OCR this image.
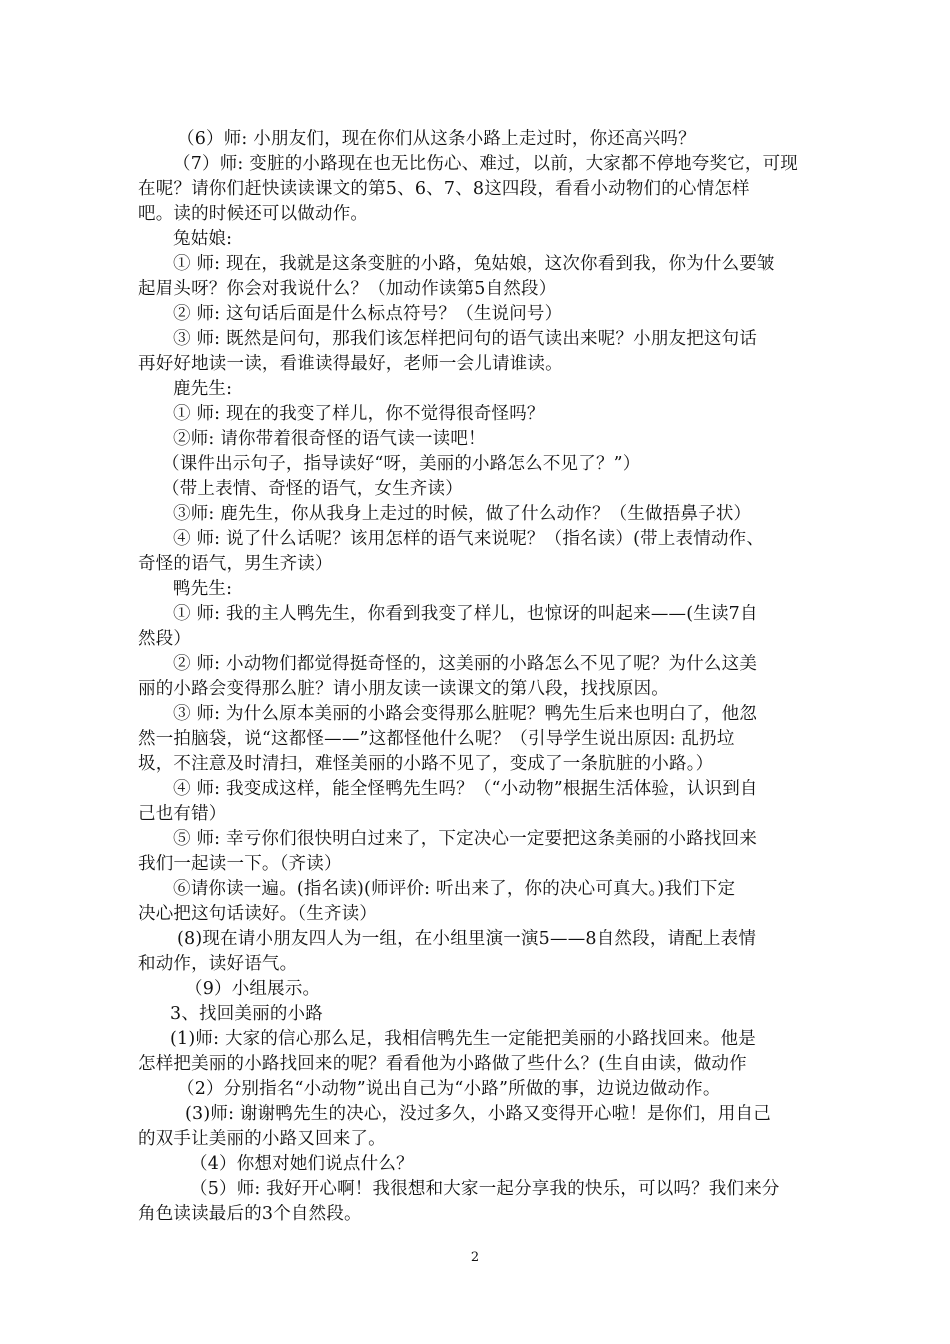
（6）师: 小朋友们，现在你们从这条小路上走过时，你还高兴吗？
（7）师: 变脏的小路现在也无比伤心、难过，以前，大家都不停地夸奖它，可现
在呢？请你们赶快读读课文的第5、6、7、8这四段，看看小动物们的心情怎样
吧。读的时候还可以做动作。
兔姑娘:
① 师: 现在，我就是这条变脏的小路，兔姑娘，这次你看到我，你为什么要皱
起眉头呀？你会对我说什么？（加动作读第5自然段）
② 师: 这句话后面是什么标点符号？（生说问号）
③ 师: 既然是问句，那我们该怎样把问句的语气读出来呢？小朋友把这句话
再好好地读一读，看谁读得最好，老师一会儿请谁读。
鹿先生:
① 师: 现在的我变了样儿，你不觉得很奇怪吗？
②师: 请你带着很奇怪的语气读一读吧！
（课件出示句子，指导读好“呀，美丽的小路怎么不见了？”）
（带上表情、奇怪的语气，女生齐读）
③师: 鹿先生，你从我身上走过的时候，做了什么动作？（生做捂鼻子状）
④ 师: 说了什么话呢？该用怎样的语气来说呢？（指名读）(带上表情动作、
奇怪的语气，男生齐读）
鸭先生:
① 师: 我的主人鸭先生，你看到我变了样儿，也惊讶的叫起来——(生读7自
然段）
② 师: 小动物们都觉得挺奇怪的，这美丽的小路怎么不见了呢？为什么这美
丽的小路会变得那么脏？请小朋友读一读课文的第八段，找找原因。
③ 师: 为什么原本美丽的小路会变得那么脏呢？鸭先生后来也明白了，他忽
然一拍脑袋，说“这都怪——”这都怪他什么呢？（引导学生说出原因: 乱扔垃
圾，不注意及时清扫，难怪美丽的小路不见了，变成了一条肮脏的小路。）
④ 师: 我变成这样，能全怪鸭先生吗？（“小动物”根据生活体验，认识到自
己也有错）
⑤ 师: 幸亏你们很快明白过来了，下定决心一定要把这条美丽的小路找回来
我们一起读一下。（齐读）
⑥请你读一遍。(指名读)(师评价: 听出来了，你的决心可真大。)我们下定
决心把这句话读好。（生齐读）
(8)现在请小朋友四人为一组，在小组里演一演5——8自然段，请配上表情
和动作，读好语气。
（9）小组展示。
3、找回美丽的小路
(1)师: 大家的信心那么足，我相信鸭先生一定能把美丽的小路找回来。他是
怎样把美丽的小路找回来的呢？看看他为小路做了些什么？(生自由读，做动作
（2）分别指名“小动物”说出自己为“小路”所做的事，边说边做动作。
(3)师: 谢谢鸭先生的决心，没过多久，小路又变得开心啦！是你们，用自己
的双手让美丽的小路又回来了。
（4）你想对她们说点什么？
（5）师: 我好开心啊！我很想和大家一起分享我的快乐，可以吗？我们来分
角色读读最后的3个自然段。
2
